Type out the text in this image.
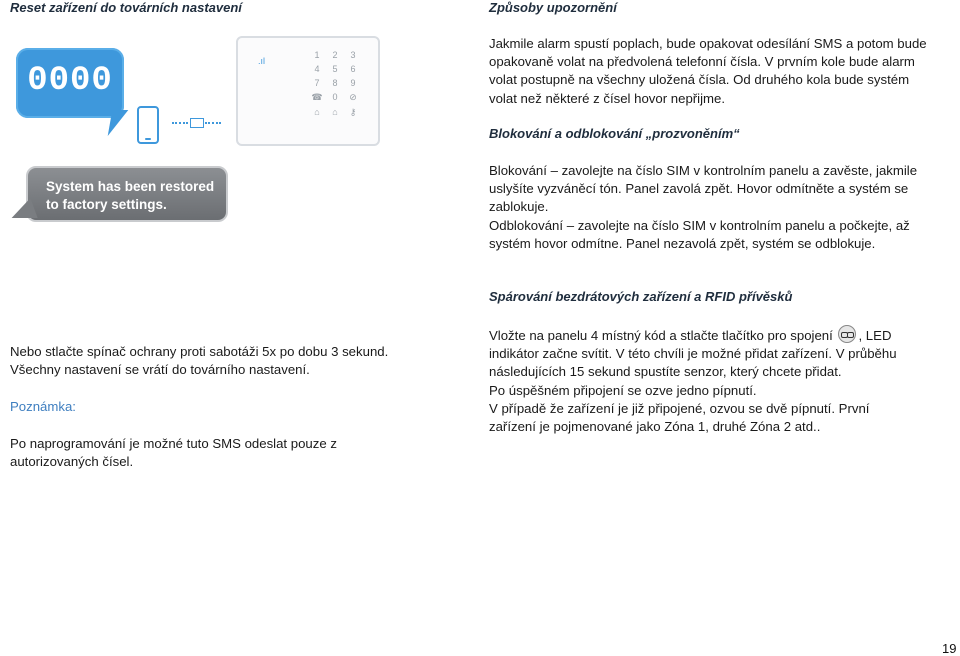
Reset zařízení do továrních nastavení
0000
.ıl
1	2	3
4	5	6
7	8	9
☎	0	⊘
⌂	⌂	⚷
System has been restored
to factory settings.
Nebo stlačte spínač ochrany proti sabotáži 5x po dobu 3 sekund.
Všechny nastavení se vrátí do továrního nastavení.
Poznámka:
Po naprogramování je možné tuto SMS odeslat pouze z
autorizovaných čísel.
Způsoby upozornění
Jakmile alarm spustí poplach, bude opakovat odesílání SMS a potom bude
opakovaně volat na předvolená telefonní čísla. V prvním kole bude alarm
volat postupně na všechny uložená čísla. Od druhého kola bude systém
volat než některé z čísel hovor nepřijme.
Blokování a odblokování „prozvoněním“
Blokování – zavolejte na číslo SIM v kontrolním panelu a zavěste, jakmile
uslyšíte vyzváněcí tón. Panel zavolá zpět. Hovor odmítněte a systém se
zablokuje.
Odblokování – zavolejte na číslo SIM v kontrolním panelu a počkejte, až
systém hovor odmítne. Panel nezavolá zpět, systém se odblokuje.
Spárování bezdrátových zařízení a RFID přívěsků
Vložte na panelu 4 místný kód a stlačte tlačítko pro spojení , LED
indikátor začne svítit. V této chvíli je možné přidat zařízení. V průběhu
následujících 15 sekund spustíte senzor, který chcete přidat.
Po úspěšném připojení se ozve jedno pípnutí.
V případě že zařízení je již připojené, ozvou se dvě pípnutí. První
zařízení je pojmenované jako Zóna 1, druhé Zóna 2 atd..
19
